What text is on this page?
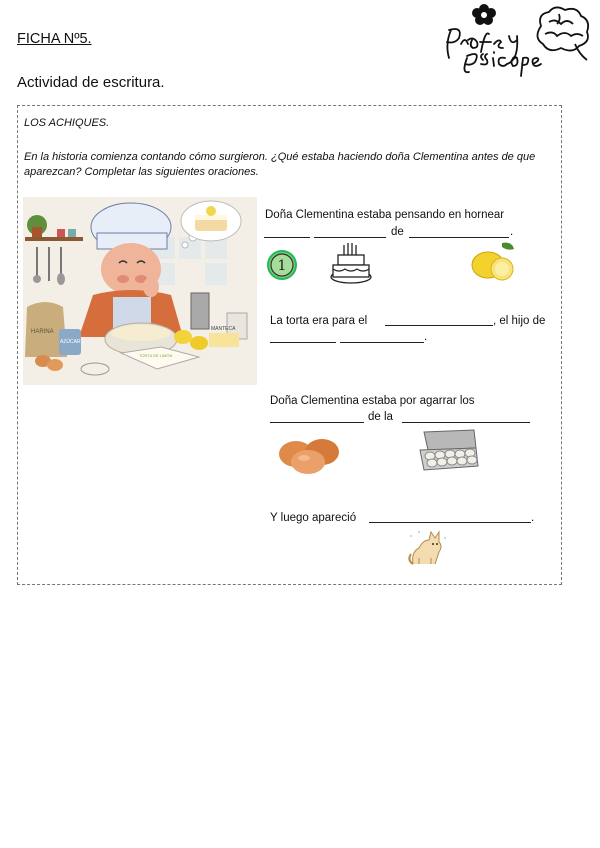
FICHA Nº5.
Actividad de escritura.
LOS ACHIQUES.
En la historia comienza contando cómo surgieron. ¿Qué estaba haciendo doña Clementina antes de que aparezcan? Completar las siguientes oraciones.
HARINA
AZÚCAR
MANTECA
TORTA DE LIMÓN
Doña Clementina estaba pensando en hornear
de	.
1
La torta era para el	, el hijo de
.
Doña Clementina estaba por agarrar los
de la
Y luego apareció	.
